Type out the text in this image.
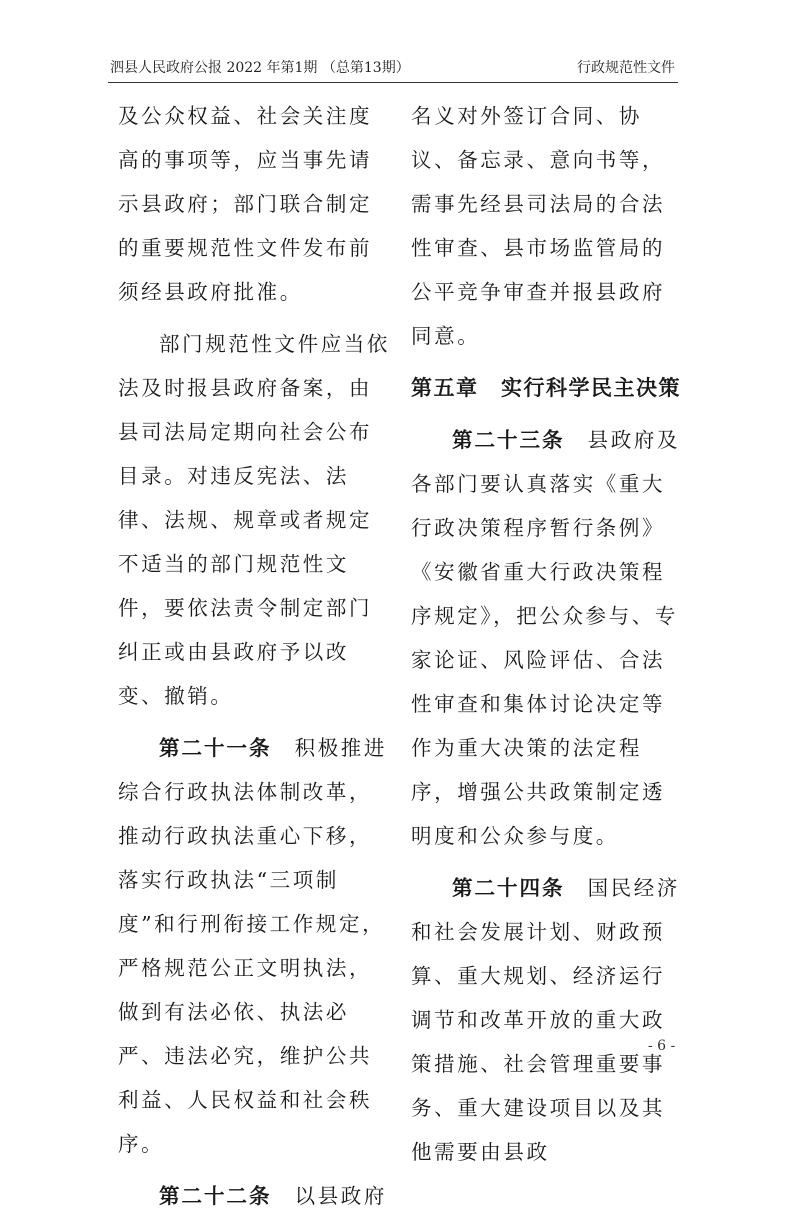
泗县人民政府公报 2022 年第1期 （总第13期）	行政规范性文件

及公众权益、社会关注度高的事项等，应当事先请示县政府；部门联合制定的重要规范性文件发布前须经县政府批准。

部门规范性文件应当依法及时报县政府备案，由县司法局定期向社会公布目录。对违反宪法、法律、法规、规章或者规定不适当的部门规范性文件，要依法责令制定部门纠正或由县政府予以改变、撤销。

第二十一条　 积极推进综合行政执法体制改革，推动行政执法重心下移，落实行政执法“三项制度”和行刑衔接工作规定，严格规范公正文明执法，做到有法必依、执法必严、违法必究，维护公共利益、人民权益和社会秩序。

第二十二条　 以县政府

名义对外签订合同、协议、备忘录、意向书等，需事先经县司法局的合法性审查、县市场监管局的公平竞争审查并报县政府同意。

第五章　实行科学民主决策

第二十三条　 县政府及各部门要认真落实《重大行政决策程序暂行条例》《安徽省重大行政决策程序规定》，把公众参与、专家论证、风险评估、合法性审查和集体讨论决定等作为重大决策的法定程序，增强公共政策制定透明度和公众参与度。

第二十四条　 国民经济和社会发展计划、财政预算、重大规划、经济运行调节和改革开放的重大政策措施、社会管理重要事务、重大建设项目以及其他需要由县政

- 6 -
